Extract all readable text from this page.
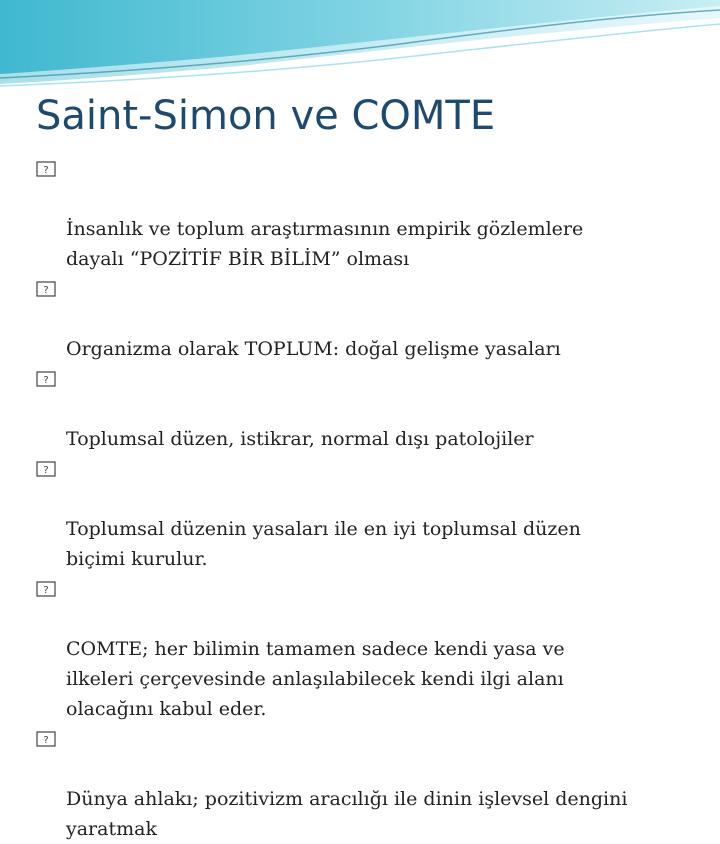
Saint-Simon ve COMTE

?

İnsanlık ve toplum araştırmasının empirik gözlemlere
dayalı “POZİTİF BİR BİLİM” olması

?

Organizma olarak TOPLUM: doğal gelişme yasaları

?

Toplumsal düzen, istikrar, normal dışı patolojiler

?

Toplumsal düzenin yasaları ile en iyi toplumsal düzen
biçimi kurulur.

?

COMTE; her bilimin tamamen sadece kendi yasa ve
ilkeleri çerçevesinde anlaşılabilecek kendi ilgi alanı
olacağını kabul eder.

?

Dünya ahlakı; pozitivizm aracılığı ile dinin işlevsel dengini
yaratmak
